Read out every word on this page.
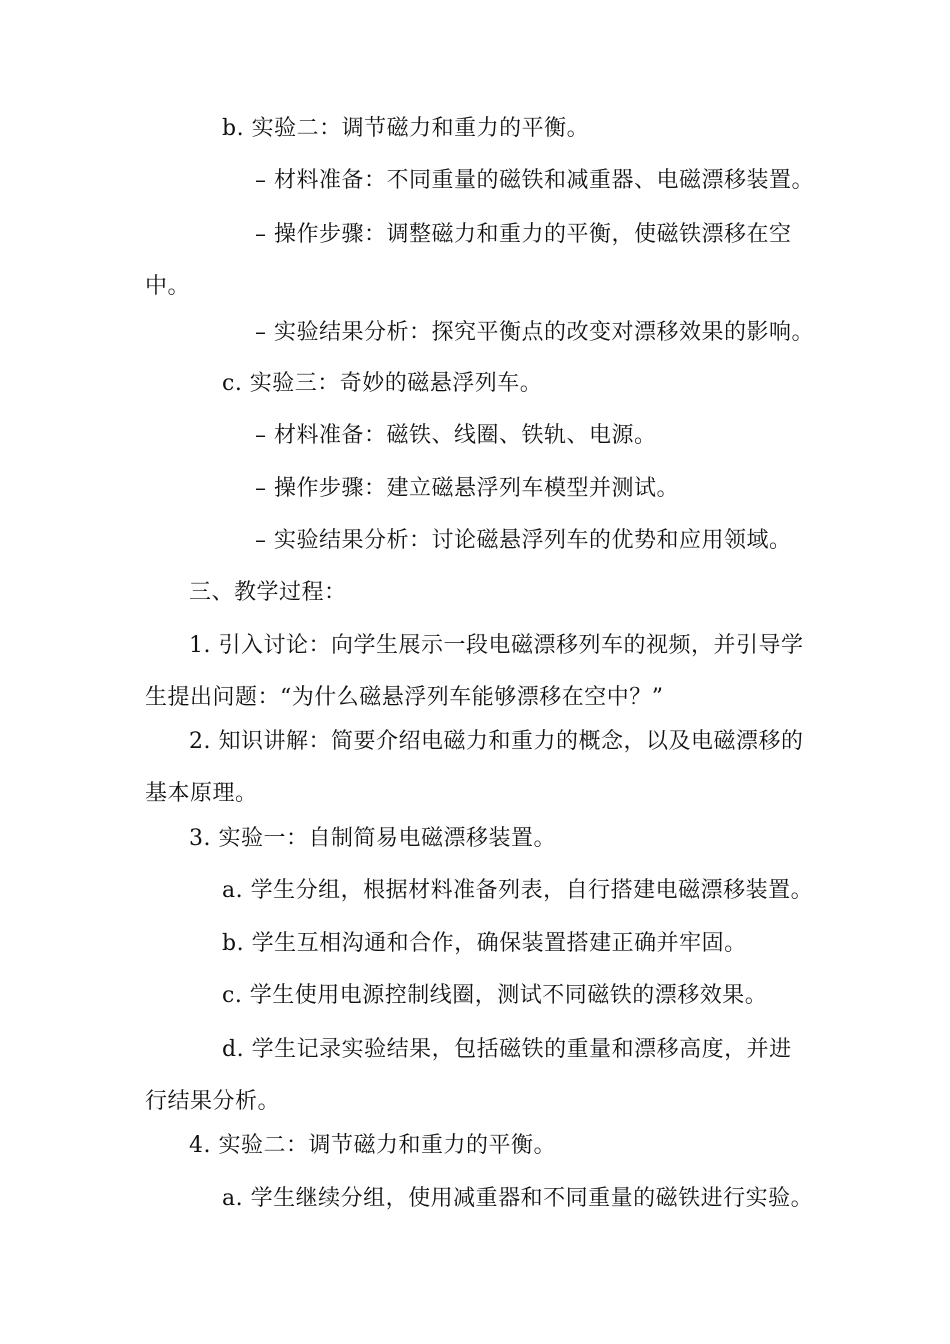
b. 实验二：调节磁力和重力的平衡。

– 材料准备：不同重量的磁铁和减重器、电磁漂移装置。

– 操作步骤：调整磁力和重力的平衡，使磁铁漂移在空中。

– 实验结果分析：探究平衡点的改变对漂移效果的影响。

c. 实验三：奇妙的磁悬浮列车。

– 材料准备：磁铁、线圈、铁轨、电源。

– 操作步骤：建立磁悬浮列车模型并测试。

– 实验结果分析：讨论磁悬浮列车的优势和应用领域。

三、教学过程：

1. 引入讨论：向学生展示一段电磁漂移列车的视频，并引导学生提出问题：“为什么磁悬浮列车能够漂移在空中？”

2. 知识讲解：简要介绍电磁力和重力的概念，以及电磁漂移的基本原理。

3. 实验一：自制简易电磁漂移装置。

a. 学生分组，根据材料准备列表，自行搭建电磁漂移装置。

b. 学生互相沟通和合作，确保装置搭建正确并牢固。

c. 学生使用电源控制线圈，测试不同磁铁的漂移效果。

d. 学生记录实验结果，包括磁铁的重量和漂移高度，并进行结果分析。

4. 实验二：调节磁力和重力的平衡。

a. 学生继续分组，使用减重器和不同重量的磁铁进行实验。
